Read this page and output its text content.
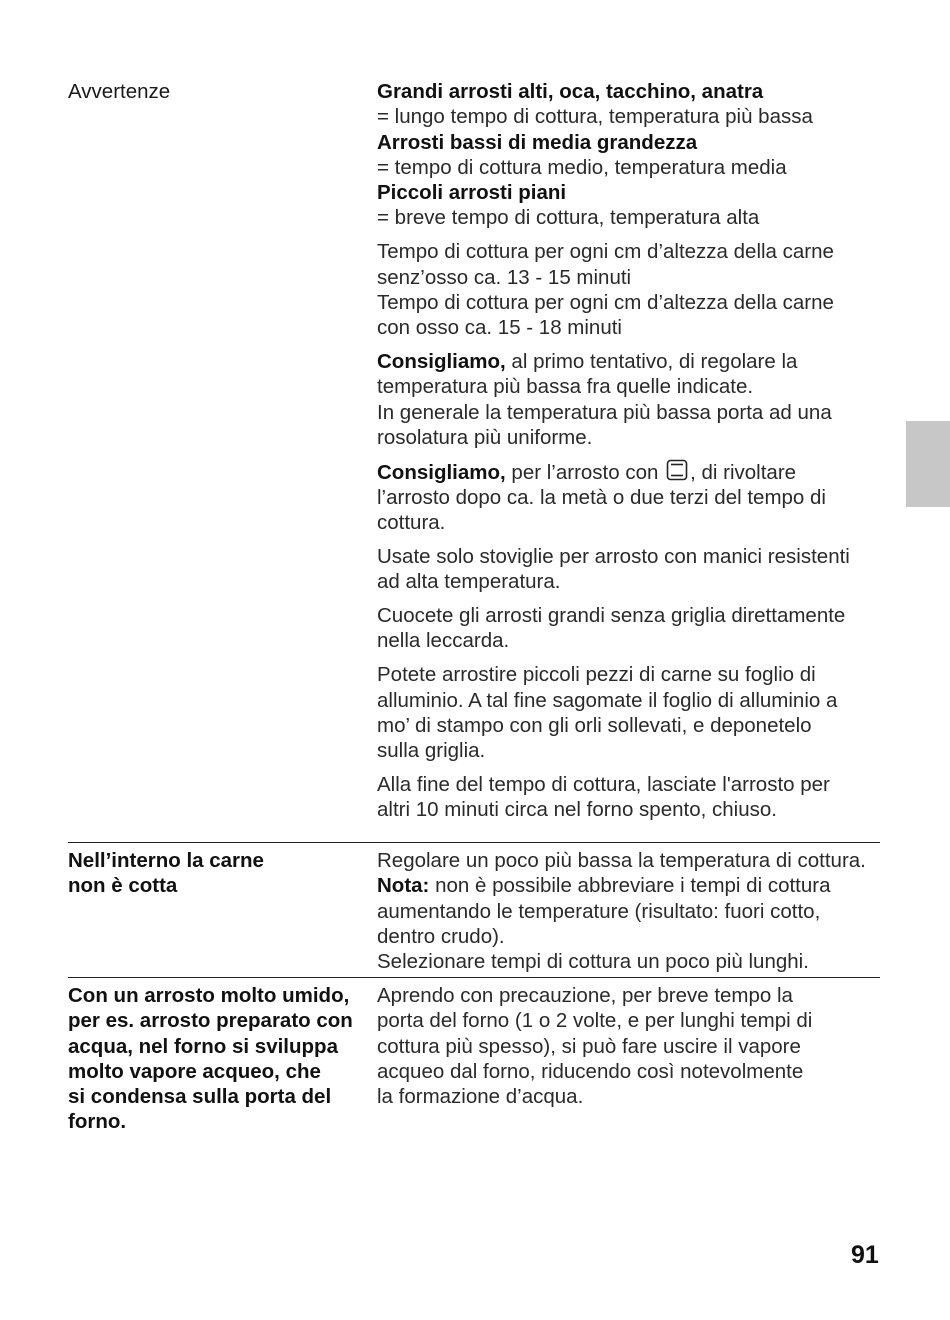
Avvertenze	Grandi arrosti alti, oca, tacchino, anatra

= lungo tempo di cottura, temperatura più bassa

Arrosti bassi di media grandezza

= tempo di cottura medio, temperatura media

Piccoli arrosti piani

= breve tempo di cottura, temperatura alta

Tempo di cottura per ogni cm d’altezza della carne

senz’osso ca. 13 - 15 minuti

Tempo di cottura per ogni cm d’altezza della carne

con osso ca. 15 - 18 minuti

Consigliamo, al primo tentativo, di regolare la

temperatura più bassa fra quelle indicate.

In generale la temperatura più bassa porta ad una

rosolatura più uniforme.

Consigliamo, per l’arrosto con , di rivoltare

l’arrosto dopo ca. la metà o due terzi del tempo di

cottura.

Usate solo stoviglie per arrosto con manici resistenti

ad alta temperatura.

Cuocete gli arrosti grandi senza griglia direttamente

nella leccarda.

Potete arrostire piccoli pezzi di carne su foglio di

alluminio. A tal fine sagomate il foglio di alluminio a

mo’ di stampo con gli orli sollevati, e deponetelo

sulla griglia.

Alla fine del tempo di cottura, lasciate l'arrosto per

altri 10 minuti circa nel forno spento, chiuso.

Nell’interno la carne

non è cotta

Regolare un poco più bassa la temperatura di cottura.

Nota: non è possibile abbreviare i tempi di cottura

aumentando le temperature (risultato: fuori cotto,

dentro crudo).

Selezionare tempi di cottura un poco più lunghi.

Con un arrosto molto umido,

per es. arrosto preparato con

acqua, nel forno si sviluppa

molto vapore acqueo, che

si condensa sulla porta del

forno.

Aprendo con precauzione, per breve tempo la

porta del forno (1 o 2 volte, e per lunghi tempi di

cottura più spesso), si può fare uscire il vapore

acqueo dal forno, riducendo così notevolmente

la formazione d’acqua.

91
